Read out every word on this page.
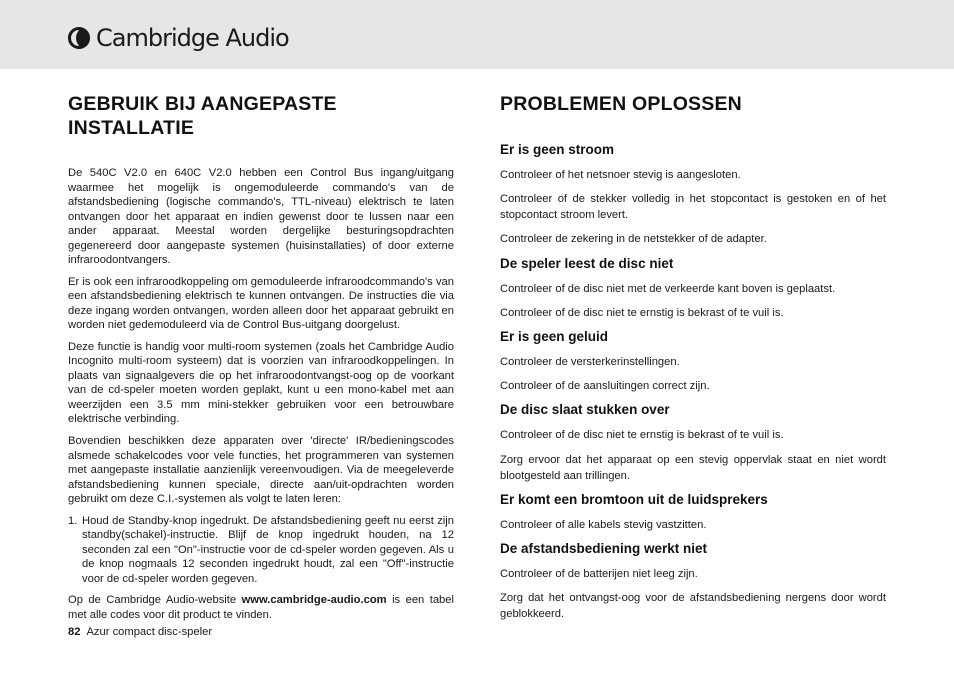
Cambridge Audio
GEBRUIK BIJ AANGEPASTE INSTALLATIE

De 540C V2.0 en 640C V2.0 hebben een Control Bus ingang/uitgang waarmee het mogelijk is ongemoduleerde commando's van de afstandsbediening (logische commando's, TTL-niveau) elektrisch te laten ontvangen door het apparaat en indien gewenst door te lussen naar een ander apparaat. Meestal worden dergelijke besturingsopdrachten gegenereerd door aangepaste systemen (huisinstallaties) of door externe infraroodontvangers.

Er is ook een infraroodkoppeling om gemoduleerde infraroodcommando's van een afstandsbediening elektrisch te kunnen ontvangen. De instructies die via deze ingang worden ontvangen, worden alleen door het apparaat gebruikt en worden niet gedemoduleerd via de Control Bus-uitgang doorgelust.

Deze functie is handig voor multi-room systemen (zoals het Cambridge Audio Incognito multi-room systeem) dat is voorzien van infraroodkoppelingen. In plaats van signaalgevers die op het infraroodontvangst-oog op de voorkant van de cd-speler moeten worden geplakt, kunt u een mono-kabel met aan weerzijden een 3.5 mm mini-stekker gebruiken voor een betrouwbare elektrische verbinding.

Bovendien beschikken deze apparaten over 'directe' IR/bedieningscodes alsmede schakelcodes voor vele functies, het programmeren van systemen met aangepaste installatie aanzienlijk vereenvoudigen. Via de meegeleverde afstandsbediening kunnen speciale, directe aan/uit-opdrachten worden gebruikt om deze C.I.-systemen als volgt te laten leren:

1. Houd de Standby-knop ingedrukt. De afstandsbediening geeft nu eerst zijn standby(schakel)-instructie. Blijf de knop ingedrukt houden, na 12 seconden zal een "On"-instructie voor de cd-speler worden gegeven. Als u de knop nogmaals 12 seconden ingedrukt houdt, zal een "Off"-instructie voor de cd-speler worden gegeven.

Op de Cambridge Audio-website www.cambridge-audio.com is een tabel met alle codes voor dit product te vinden.

PROBLEMEN OPLOSSEN
Er is geen stroom

Controleer of het netsnoer stevig is aangesloten.

Controleer of de stekker volledig in het stopcontact is gestoken en of het stopcontact stroom levert.

Controleer de zekering in de netstekker of de adapter.

De speler leest de disc niet

Controleer of de disc niet met de verkeerde kant boven is geplaatst.

Controleer of de disc niet te ernstig is bekrast of te vuil is.

Er is geen geluid

Controleer de versterkerinstellingen.

Controleer of de aansluitingen correct zijn.

De disc slaat stukken over

Controleer of de disc niet te ernstig is bekrast of te vuil is.

Zorg ervoor dat het apparaat op een stevig oppervlak staat en niet wordt blootgesteld aan trillingen.

Er komt een bromtoon uit de luidsprekers

Controleer of alle kabels stevig vastzitten.

De afstandsbediening werkt niet

Controleer of de batterijen niet leeg zijn.

Zorg dat het ontvangst-oog voor de afstandsbediening nergens door wordt geblokkeerd.

82 Azur compact disc-speler
